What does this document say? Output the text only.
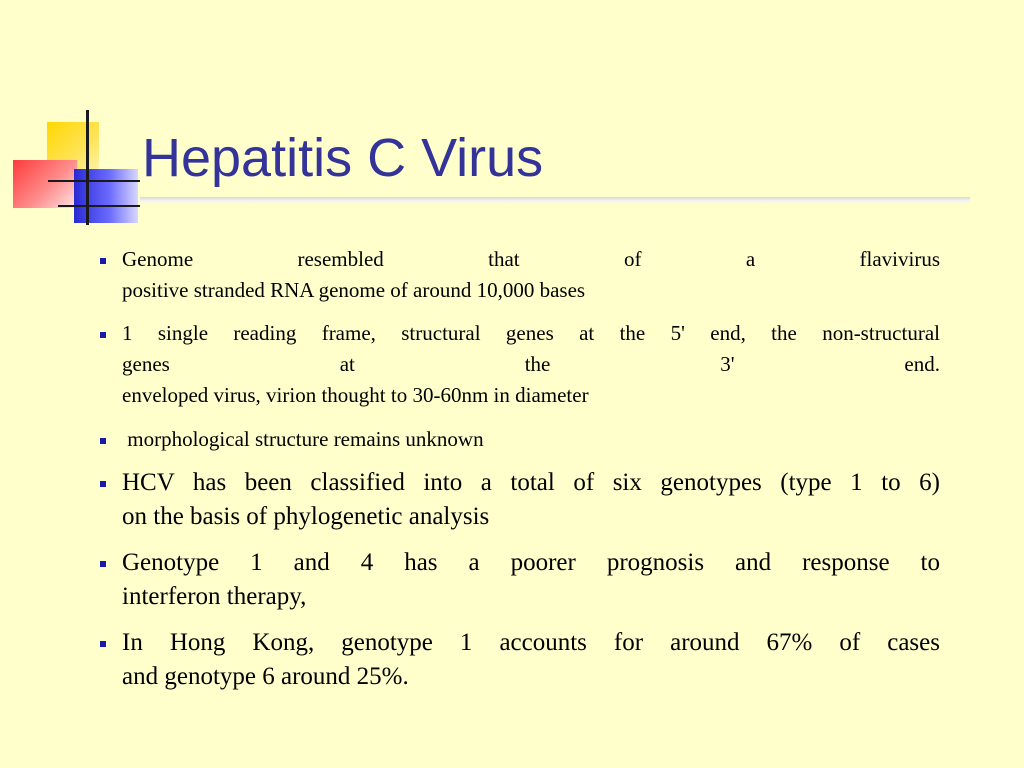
Hepatitis C Virus
Genome resembled that of a flavivirus
positive stranded RNA genome of around 10,000 bases
1 single reading frame, structural genes at the 5' end, the non-structural
genes at the 3' end.
enveloped virus, virion thought to 30-60nm in diameter
morphological structure remains unknown
HCV has been classified into a total of six genotypes (type 1 to 6)
on the basis of phylogenetic analysis
Genotype 1 and 4 has a poorer prognosis and response to
interferon therapy,
In Hong Kong, genotype 1 accounts for around 67% of cases
and genotype 6 around 25%.
